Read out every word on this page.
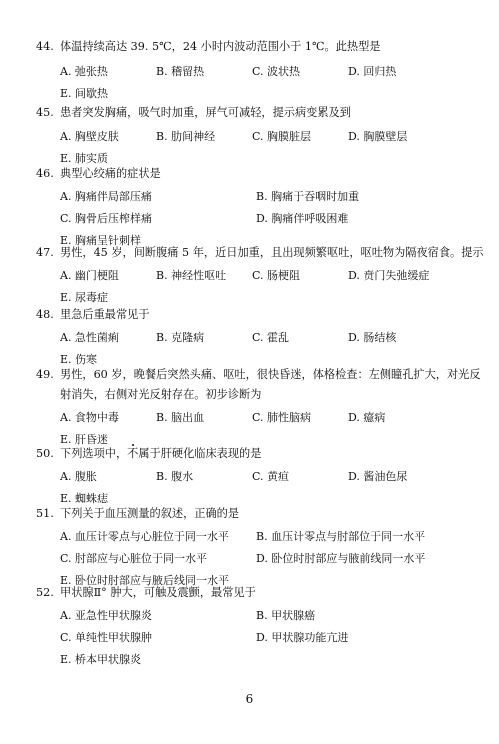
44. 体温持续高达 39. 5℃，24 小时内波动范围小于 1℃。此热型是
A. 弛张热	B. 稽留热	C. 波状热	D. 回归热
E. 间歇热
45. 患者突发胸痛，吸气时加重，屏气可减轻，提示病变累及到
A. 胸壁皮肤	B. 肋间神经	C. 胸膜脏层	D. 胸膜壁层
E. 肺实质
46. 典型心绞痛的症状是
A. 胸痛伴局部压痛	B. 胸痛于吞咽时加重
C. 胸骨后压榨样痛	D. 胸痛伴呼吸困难
E. 胸痛呈针刺样
47. 男性，45 岁，间断腹痛 5 年，近日加重，且出现频繁呕吐，呕吐物为隔夜宿食。提示
A. 幽门梗阻	B. 神经性呕吐	C. 肠梗阻	D. 贲门失弛缓症
E. 尿毒症
48. 里急后重最常见于
A. 急性菌痢	B. 克隆病	C. 霍乱	D. 肠结核
E. 伤寒
49. 男性，60 岁，晚餐后突然头痛、呕吐，很快昏迷，体格检查：左侧瞳孔扩大，对光反
射消失，右侧对光反射存在。初步诊断为
A. 食物中毒	B. 脑出血	C. 肺性脑病	D. 癔病
E. 肝昏迷
50. 下列选项中，不属于肝硬化临床表现的是
A. 腹胀	B. 腹水	C. 黄疸	D. 酱油色尿
E. 蜘蛛痣
51. 下列关于血压测量的叙述，正确的是
A. 血压计零点与心脏位于同一水平	B. 血压计零点与肘部位于同一水平
C. 肘部应与心脏位于同一水平	D. 卧位时肘部应与腋前线同一水平
E. 卧位时肘部应与腋后线同一水平
52. 甲状腺Ⅱ° 肿大，可触及震颤，最常见于
A. 亚急性甲状腺炎	B. 甲状腺癌
C. 单纯性甲状腺肿	D. 甲状腺功能亢进
E. 桥本甲状腺炎
6
